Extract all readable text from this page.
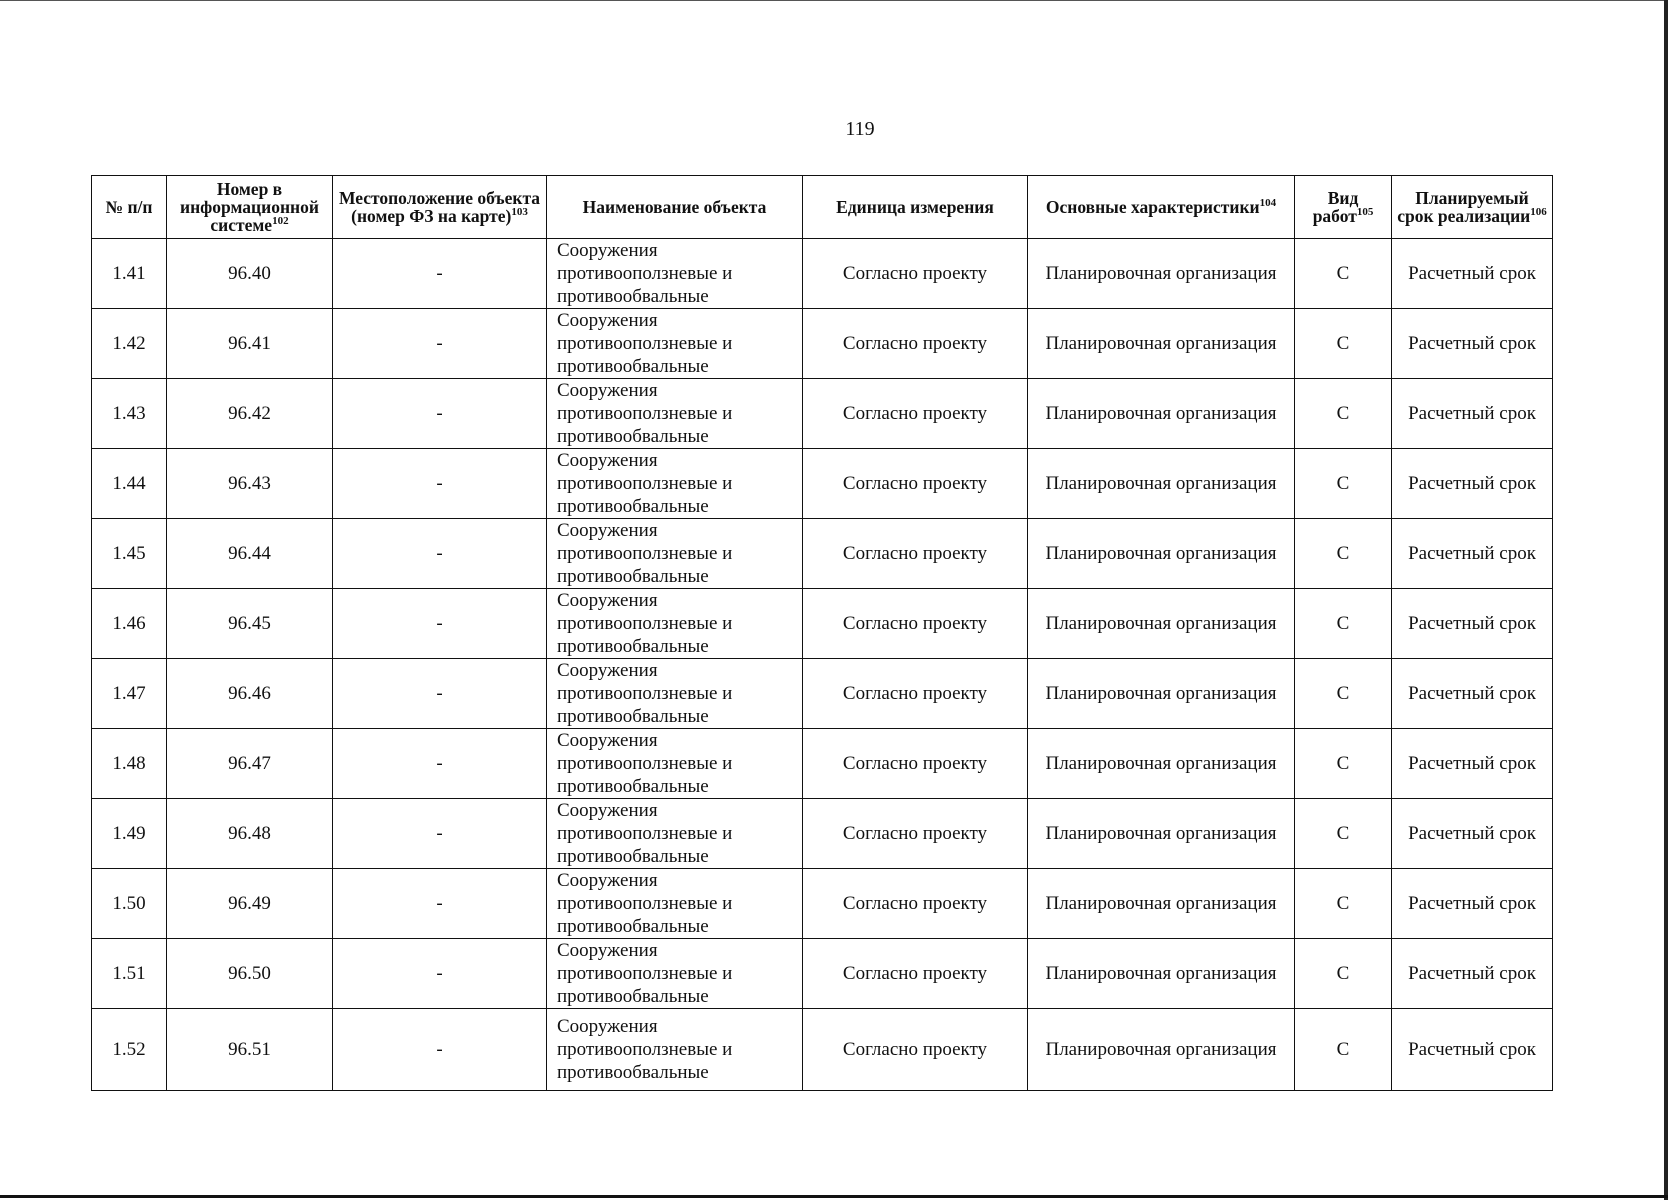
119
№ п/п	Номер в информационной системе$^{102}$	Местоположение объекта (номер ФЗ на карте)$^{103}$	Наименование объекта	Единица измерения	Основные характеристики$^{104}$	Вид работ$^{105}$	Планируемый срок реализации$^{106}$
1.41	96.40	-	Сооружения противооползневые и противообвальные	Согласно проекту	Планировочная организация	С	Расчетный срок
1.42	96.41	-	Сооружения противооползневые и противообвальные	Согласно проекту	Планировочная организация	С	Расчетный срок
1.43	96.42	-	Сооружения противооползневые и противообвальные	Согласно проекту	Планировочная организация	С	Расчетный срок
1.44	96.43	-	Сооружения противооползневые и противообвальные	Согласно проекту	Планировочная организация	С	Расчетный срок
1.45	96.44	-	Сооружения противооползневые и противообвальные	Согласно проекту	Планировочная организация	С	Расчетный срок
1.46	96.45	-	Сооружения противооползневые и противообвальные	Согласно проекту	Планировочная организация	С	Расчетный срок
1.47	96.46	-	Сооружения противооползневые и противообвальные	Согласно проекту	Планировочная организация	С	Расчетный срок
1.48	96.47	-	Сооружения противооползневые и противообвальные	Согласно проекту	Планировочная организация	С	Расчетный срок
1.49	96.48	-	Сооружения противооползневые и противообвальные	Согласно проекту	Планировочная организация	С	Расчетный срок
1.50	96.49	-	Сооружения противооползневые и противообвальные	Согласно проекту	Планировочная организация	С	Расчетный срок
1.51	96.50	-	Сооружения противооползневые и противообвальные	Согласно проекту	Планировочная организация	С	Расчетный срок
1.52	96.51	-	Сооружения противооползневые и противообвальные	Согласно проекту	Планировочная организация	С	Расчетный срок
